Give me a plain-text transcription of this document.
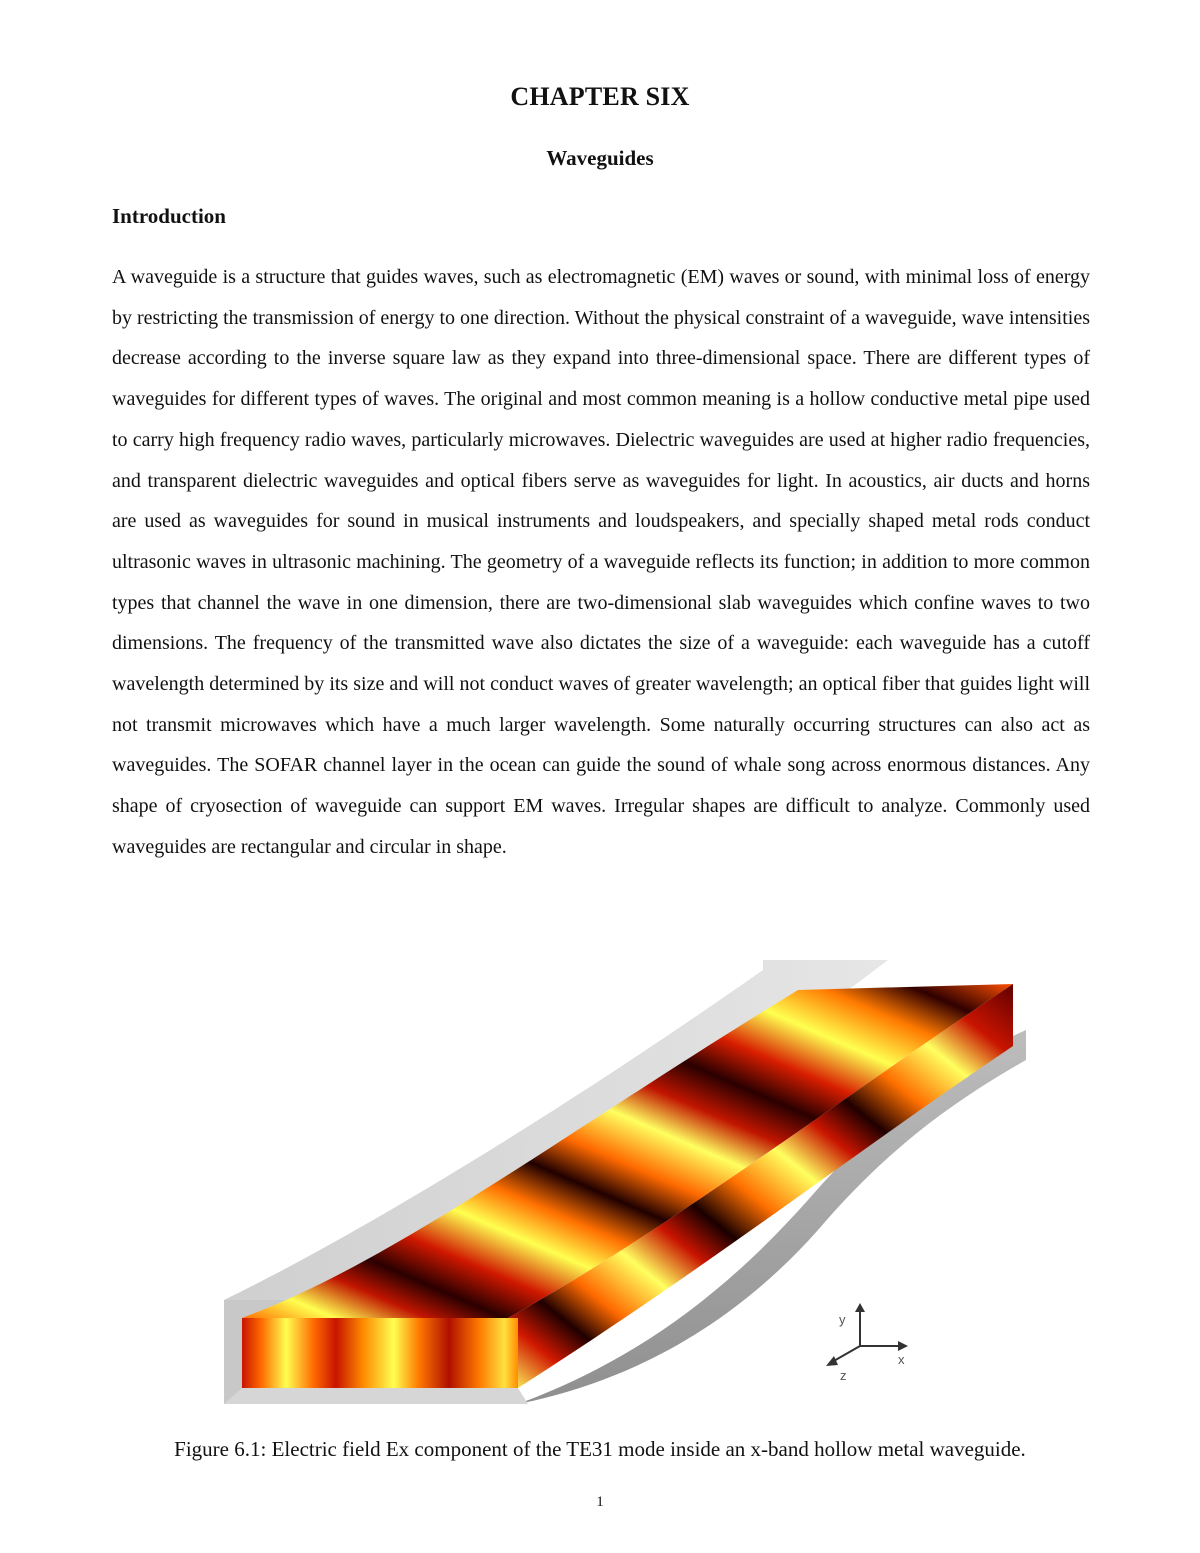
CHAPTER SIX
Waveguides
Introduction

A waveguide is a structure that guides waves, such as electromagnetic (EM) waves or sound, with minimal loss of energy by restricting the transmission of energy to one direction. Without the physical constraint of a waveguide, wave intensities decrease according to the inverse square law as they expand into three-dimensional space. There are different types of waveguides for different types of waves. The original and most common meaning is a hollow conductive metal pipe used to carry high frequency radio waves, particularly microwaves. Dielectric waveguides are used at higher radio frequencies, and transparent dielectric waveguides and optical fibers serve as waveguides for light. In acoustics, air ducts and horns are used as waveguides for sound in musical instruments and loudspeakers, and specially shaped metal rods conduct ultrasonic waves in ultrasonic machining. The geometry of a waveguide reflects its function; in addition to more common types that channel the wave in one dimension, there are two-dimensional slab waveguides which confine waves to two dimensions. The frequency of the transmitted wave also dictates the size of a waveguide: each waveguide has a cutoff wavelength determined by its size and will not conduct waves of greater wavelength; an optical fiber that guides light will not transmit microwaves which have a much larger wavelength. Some naturally occurring structures can also act as waveguides. The SOFAR channel layer in the ocean can guide the sound of whale song across enormous distances. Any shape of cryosection of waveguide can support EM waves. Irregular shapes are difficult to analyze. Commonly used waveguides are rectangular and circular in shape.

y
x
z
Figure 6.1: Electric field Ex component of the TE31 mode inside an x-band hollow metal waveguide.
1
